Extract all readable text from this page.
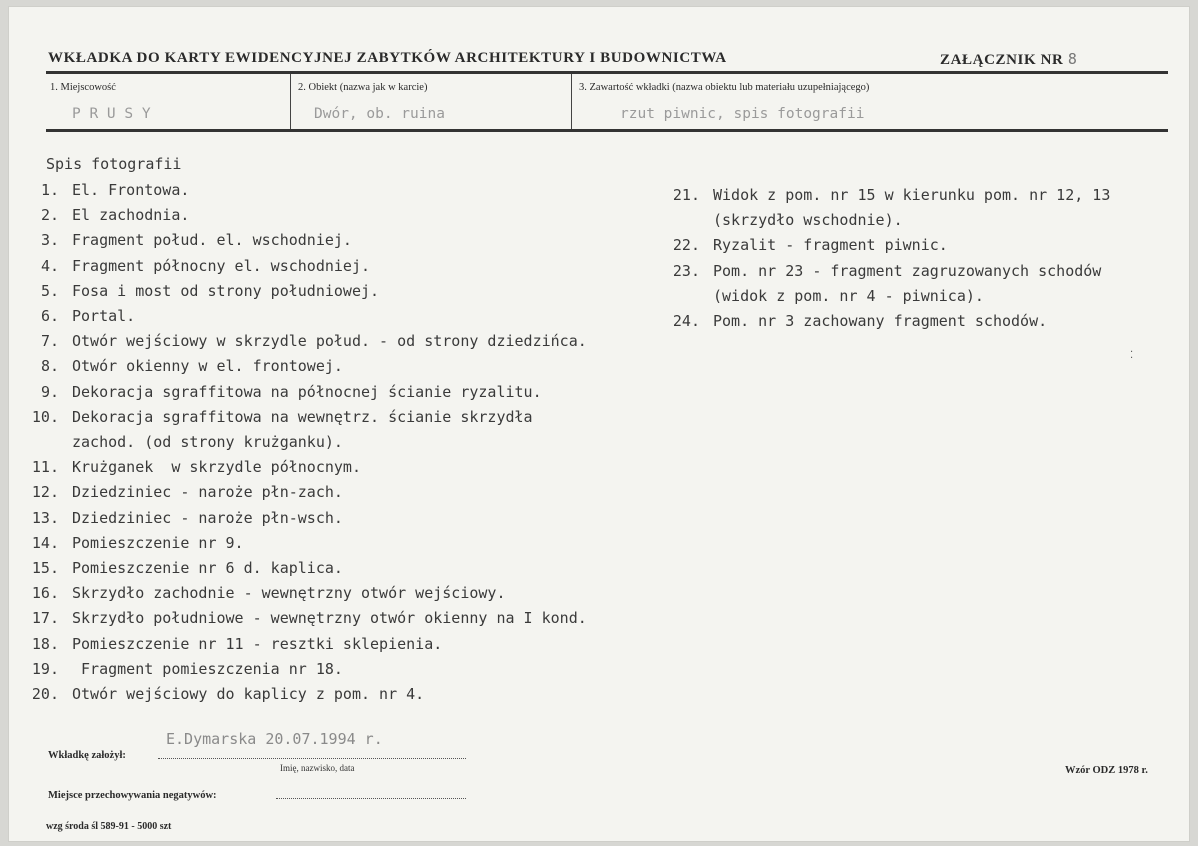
WKŁADKA DO KARTY EWIDENCYJNEJ ZABYTKÓW ARCHITEKTURY I BUDOWNICTWA	ZAŁĄCZNIK NR 8
1. Miejscowość
P R U S Y
2. Obiekt (nazwa jak w karcie)
Dwór, ob. ruina
3. Zawartość wkładki (nazwa obiektu lub materiału uzupełniającego)
rzut piwnic, spis fotografii
Spis fotografii
1. El. Frontowa.
2. El zachodnia.
3. Fragment połud. el. wschodniej.
4. Fragment północny el. wschodniej.
5. Fosa i most od strony południowej.
6. Portal.
7. Otwór wejściowy w skrzydle połud. - od strony dziedzińca.
8. Otwór okienny w el. frontowej.
9. Dekoracja sgraffitowa na północnej ścianie ryzalitu.
10. Dekoracja sgraffitowa na wewnętrz. ścianie skrzydła
zachod. (od strony krużganku).
11. Krużganek  w skrzydle północnym.
12. Dziedziniec - naroże płn-zach.
13. Dziedziniec - naroże płn-wsch.
14. Pomieszczenie nr 9.
15. Pomieszczenie nr 6 d. kaplica.
16. Skrzydło zachodnie - wewnętrzny otwór wejściowy.
17. Skrzydło południowe - wewnętrzny otwór okienny na I kond.
18. Pomieszczenie nr 11 - resztki sklepienia.
19. Fragment pomieszczenia nr 18.
20. Otwór wejściowy do kaplicy z pom. nr 4.
21. Widok z pom. nr 15 w kierunku pom. nr 12, 13
(skrzydło wschodnie).
22. Ryzalit - fragment piwnic.
23. Pom. nr 23 - fragment zagruzowanych schodów
(widok z pom. nr 4 - piwnica).
24. Pom. nr 3 zachowany fragment schodów.
⁚
Wkładkę założył:
E.Dymarska 20.07.1994 r.
Imię, nazwisko, data	Wzór ODZ 1978 r.
Miejsce przechowywania negatywów:
wzg środa śl 589-91 - 5000 szt
